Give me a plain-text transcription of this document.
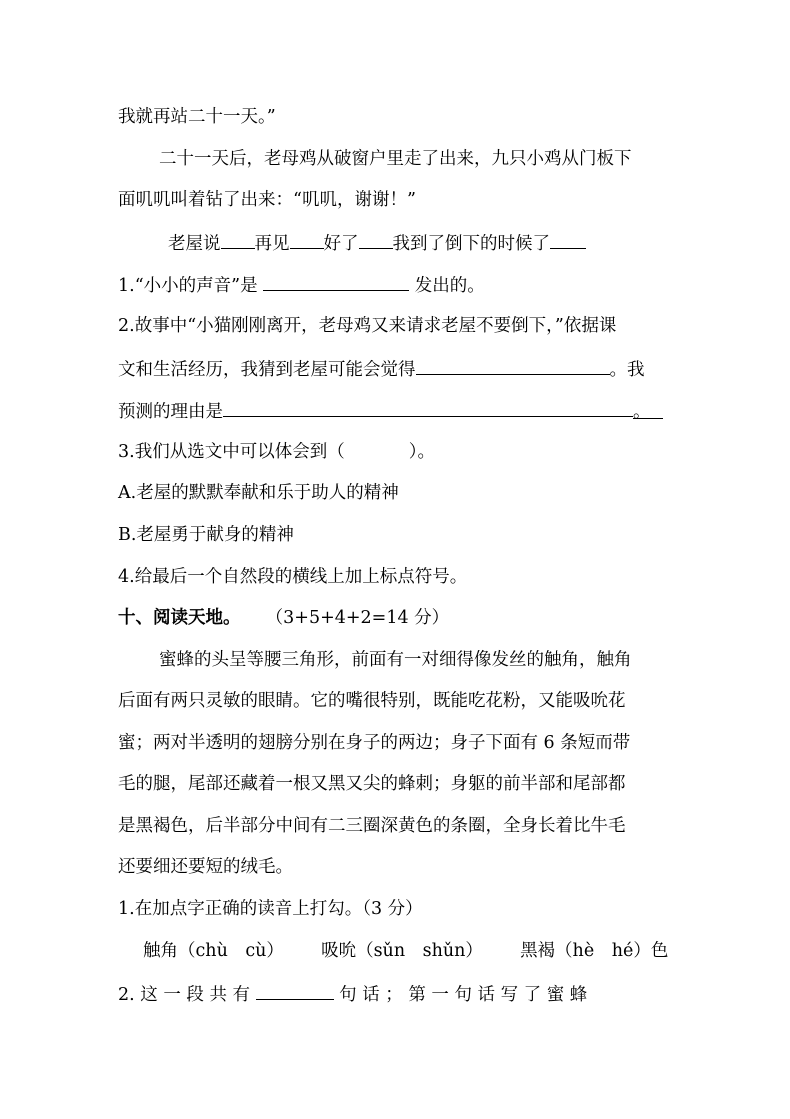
我就再站二十一天。”
二十一天后，老母鸡从破窗户里走了出来，九只小鸡从门板下
面叽叽叫着钻了出来：“叽叽，谢谢！”
老屋说 再见 好了 我到了倒下的时候了
1.“小小的声音”是	发出的。
2.故事中“小猫刚刚离开，老母鸡又来请求老屋不要倒下，”依据课
文和生活经历，我猜到老屋可能会觉得	。我
预测的理由是	。
3.我们从选文中可以体会到（	）。
A.老屋的默默奉献和乐于助人的精神
B.老屋勇于献身的精神
4.给最后一个自然段的横线上加上标点符号。
十、阅读天地。 （3+5+4+2=14 分）
蜜蜂的头呈等腰三角形，前面有一对细得像发丝的触角，触角
后面有两只灵敏的眼睛。它的嘴很特别，既能吃花粉，又能吸吮花
蜜；两对半透明的翅膀分别在身子的两边；身子下面有 6 条短而带
毛的腿，尾部还藏着一根又黑又尖的蜂刺；身躯的前半部和尾部都
是黑褐色，后半部分中间有二三圈深黄色的条圈，全身长着比牛毛
还要细还要短的绒毛。
1.在加点字正确的读音上打勾。（3 分）
触角（chù　cù） 吸吮（sǔn　shǔn） 黑褐（hè　hé）色
2. 这 一 段 共 有	句 话 ； 第 一 句 话 写 了 蜜 蜂
